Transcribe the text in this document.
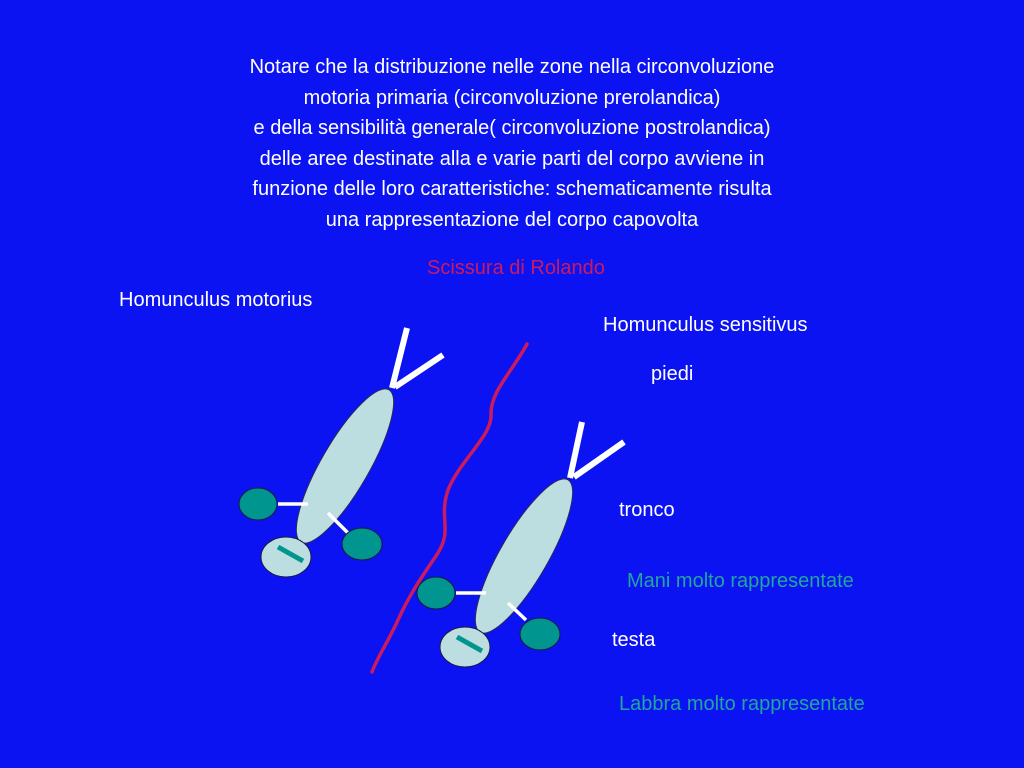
Notare che la distribuzione nelle zone nella circonvoluzione
motoria primaria (circonvoluzione prerolandica)
e della sensibilità generale( circonvoluzione postrolandica)
delle aree destinate alla e varie parti del corpo avviene in
funzione delle loro caratteristiche: schematicamente risulta
una rappresentazione del corpo capovolta

Scissura di Rolando
Homunculus motorius
Homunculus sensitivus
piedi
tronco
Mani molto rappresentate
testa
Labbra molto rappresentate
